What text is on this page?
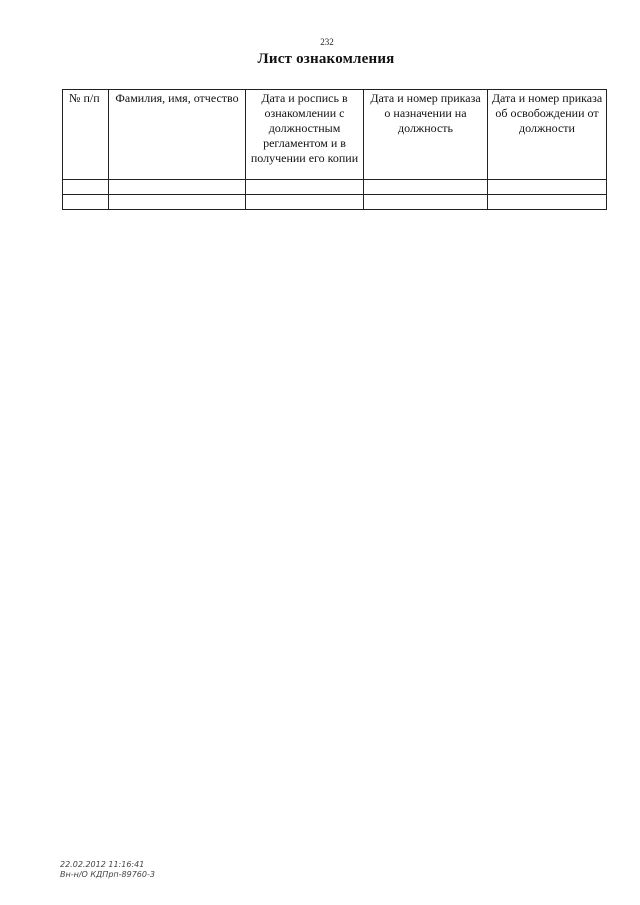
232
Лист ознакомления
№ п/п	Фамилия, имя, отчество	Дата и роспись в ознакомлении с должностным регламентом и в получении его копии	Дата и номер приказа о назначении на должность	Дата и номер приказа об освобождении от должности

22.02.2012 11:16:41
Вн-н/О КДПрп-89760-3
